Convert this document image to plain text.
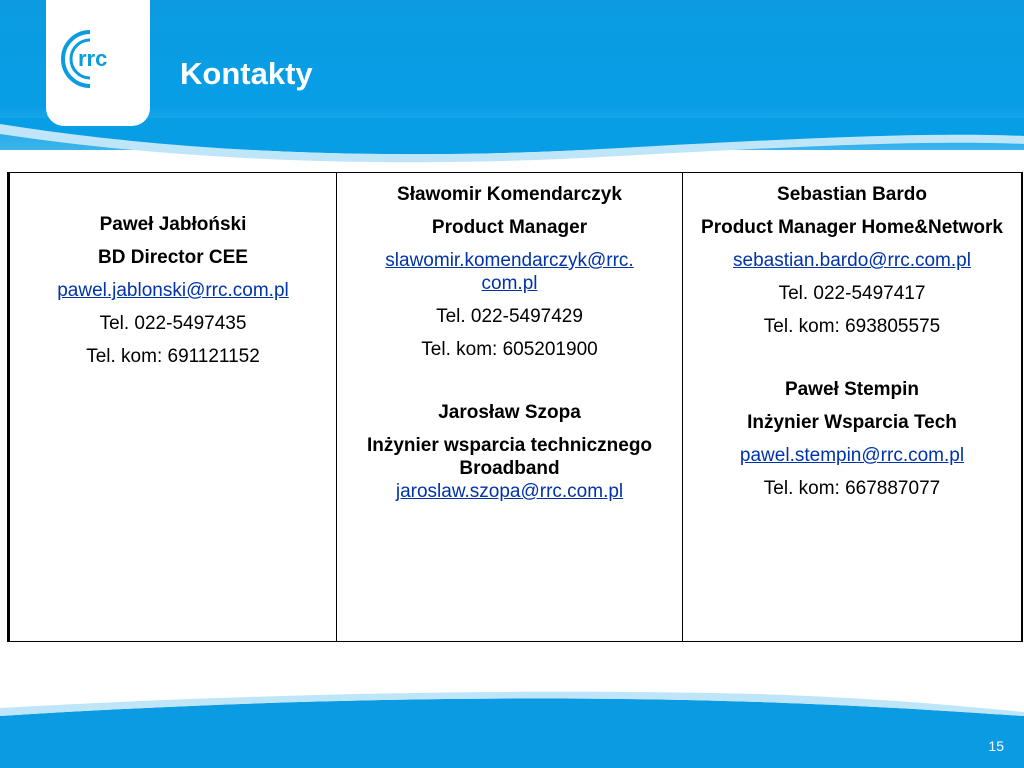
rrc Kontakty
Paweł Jabłoński
BD Director CEE
pawel.jablonski@rrc.com.pl
Tel. 022-5497435
Tel. kom: 691121152

Sławomir Komendarczyk
Product Manager
slawomir.komendarczyk@rrc.
com.pl
Tel. 022-5497429
Tel. kom: 605201900
Jarosław Szopa
Inżynier wsparcia technicznego Broadband
jaroslaw.szopa@rrc.com.pl

Sebastian Bardo
Product Manager Home&Network
sebastian.bardo@rrc.com.pl
Tel. 022-5497417
Tel. kom: 693805575
Paweł Stempin
Inżynier Wsparcia Tech
pawel.stempin@rrc.com.pl
Tel. kom: 667887077
15
